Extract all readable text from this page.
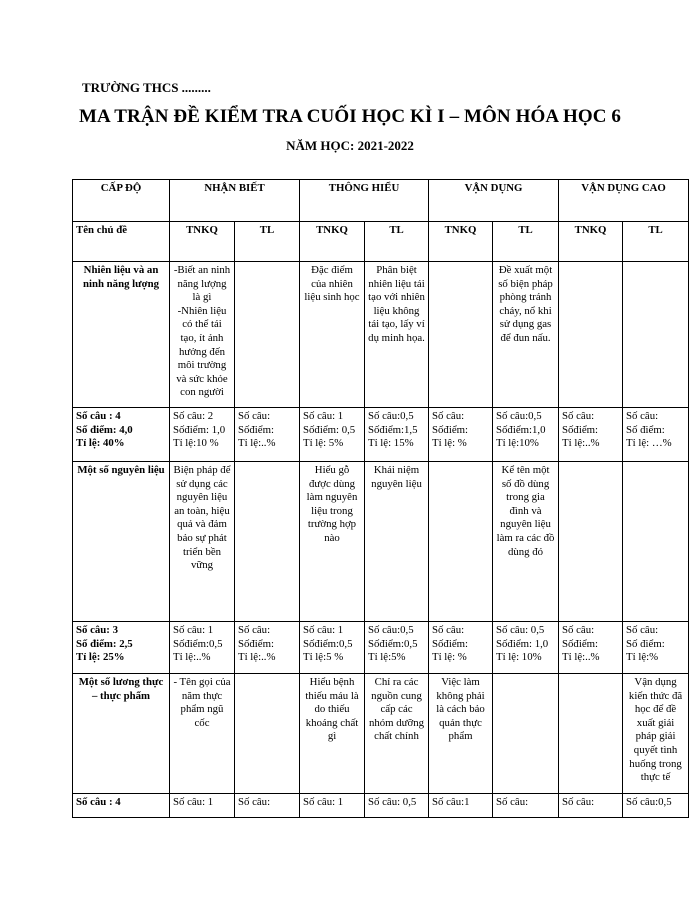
TRƯỜNG THCS .........
MA TRẬN ĐỀ KIỂM TRA CUỐI HỌC KÌ I – MÔN HÓA HỌC 6
NĂM HỌC: 2021-2022
CẤP ĐỘ	NHẬN BIẾT		THÔNG HIỂU		VẬN DỤNG		VẬN DỤNG CAO	
Tên chủ đề	TNKQ	TL	TNKQ	TL	TNKQ	TL	TNKQ	TL
Nhiên liệu và an ninh năng lượng	-Biết an ninh năng lượng là gì
-Nhiên liệu có thể tái tạo, ít ảnh hưởng đến môi trường và sức khỏe con người		Đặc điểm của nhiên liệu sinh học	Phân biệt nhiên liệu tái tạo với nhiên liệu không tái tạo, lấy ví dụ minh họa.		Đề xuất một số biện pháp phòng tránh cháy, nổ khi sử dụng gas để đun nấu.		
Số câu : 4
Số điểm: 4,0
Tỉ lệ: 40%	Số câu: 2
Sốđiểm: 1,0
Tỉ lệ:10 %	Số câu:
Sốđiểm:
Tỉ lệ:..%	Số câu: 1
Sốđiểm: 0,5
Tỉ lệ: 5%	Số câu:0,5
Sốđiểm:1,5
Tỉ lệ: 15%	Số câu:
Sốđiểm:
Tỉ lệ: %	Số câu:0,5
Sốđiểm:1,0
Tỉ lệ:10%	Số câu:
Sốđiểm:
Tỉ lệ:..%	Số câu:
Số điểm:
Tỉ lệ: …%
Một số nguyên liệu	Biện pháp để sử dụng các nguyên liệu an toàn, hiệu quả và đảm bảo sự phát triển bền vững		Hiểu gỗ được dùng làm nguyên liệu trong trường hợp nào	Khái niệm nguyên liệu		Kể tên một số đồ dùng trong gia đình và nguyên liệu làm ra các đồ dùng đó		
Số câu: 3
Số điểm: 2,5
Tỉ lệ: 25%	Số câu: 1
Sốđiểm:0,5
Tỉ lệ:..%	Số câu:
Sốđiểm:
Tỉ lệ:..%	Số câu: 1
Sốđiểm:0,5
Tỉ lệ:5 %	Số câu:0,5
Sốđiểm:0,5
Tỉ lệ:5%	Số câu:
Sốđiểm:
Tỉ lệ: %	Số câu: 0,5
Sốđiểm: 1,0
Tỉ lệ: 10%	Số câu:
Sốđiểm:
Tỉ lệ:..%	Số câu:
Số điểm:
Tỉ lệ:%
Một số lương thực – thực phẩm	- Tên gọi của năm thực phẩm ngũ cốc		Hiểu bệnh thiếu máu là do thiếu khoáng chất gì	Chỉ ra các nguồn cung cấp các nhóm dưỡng chất chính	Việc làm không phải là cách bảo quản thực phẩm			Vận dụng kiến thức đã học để đề xuất giải pháp giải quyết tình huống trong thực tế
Số câu : 4	Số câu: 1	Số câu:	Số câu: 1	Số câu: 0,5	Số câu:1	Số câu:	Số câu:	Số câu:0,5
